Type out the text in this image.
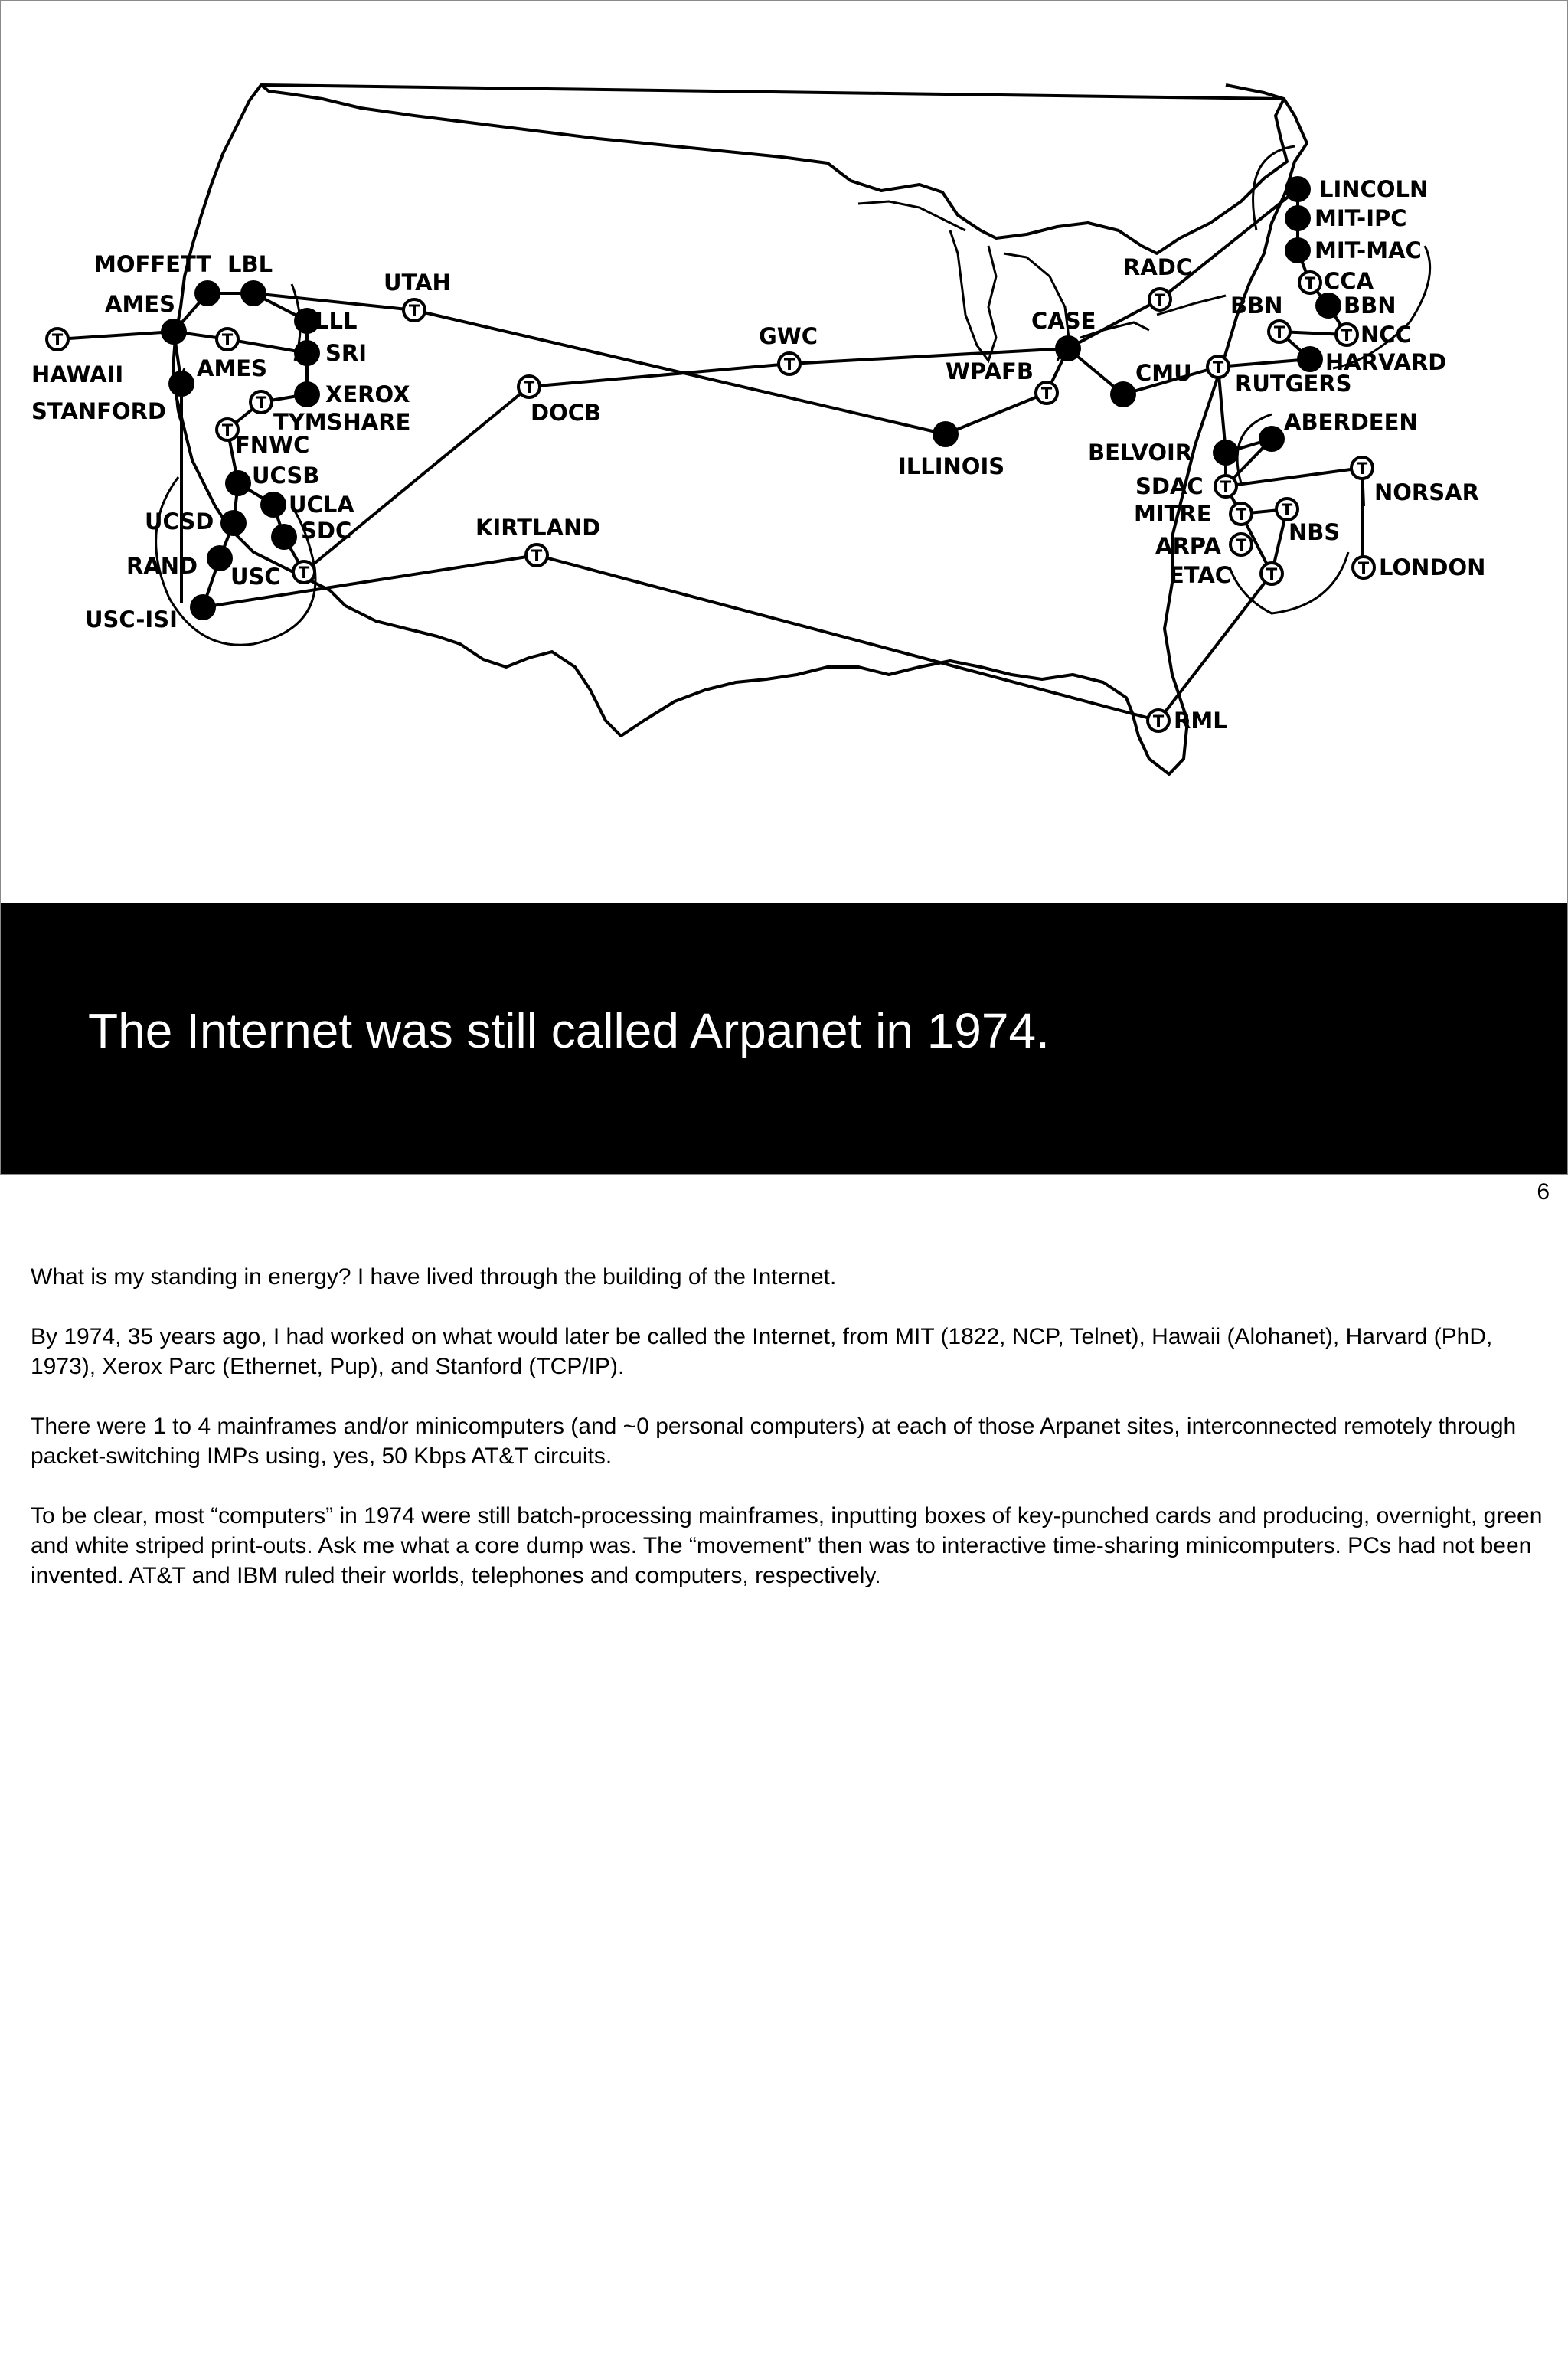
T	T
T
T
T
T
T
T
T
T
T
T
T	T
T
T
T
T
T
T
T
T
T
MOFFETT LBL
AMES
HAWAII
STANFORD
AMES
LLL
SRI
XEROX
TYMSHARE
FNWC
UCSB
UCLA
SDC
UCSD
RAND USC
USC-ISI
UTAH
DOCB
KIRTLAND
GWC
ILLINOIS
WPAFB
CASE
RADC
CMU
LINCOLN
MIT-IPC
MIT-MAC
CCA
BBN	BBN
NCC
HARVARD
RUTGERS
ABERDEEN
BELVOIR
SDAC
MITRE
ARPA
ETAC
NBS
NORSAR
LONDON
RML
The Internet was still called Arpanet in 1974.
6

What is my standing in energy? I have lived through the building of the Internet.

By 1974, 35 years ago, I had worked on what would later be called the Internet, from MIT (1822, NCP, Telnet), Hawaii (Alohanet), Harvard (PhD, 1973), Xerox Parc (Ethernet, Pup), and Stanford (TCP/IP).

There were 1 to 4 mainframes and/or minicomputers (and ~0 personal computers) at each of those Arpanet sites, interconnected remotely through packet-switching IMPs using, yes, 50 Kbps AT&T circuits.

To be clear, most “computers” in 1974 were still batch-processing mainframes, inputting boxes of key-punched cards and producing, overnight, green and white striped print-outs. Ask me what a core dump was. The “movement” then was to interactive time-sharing minicomputers. PCs had not been invented. AT&T and IBM ruled their worlds, telephones and computers, respectively.
